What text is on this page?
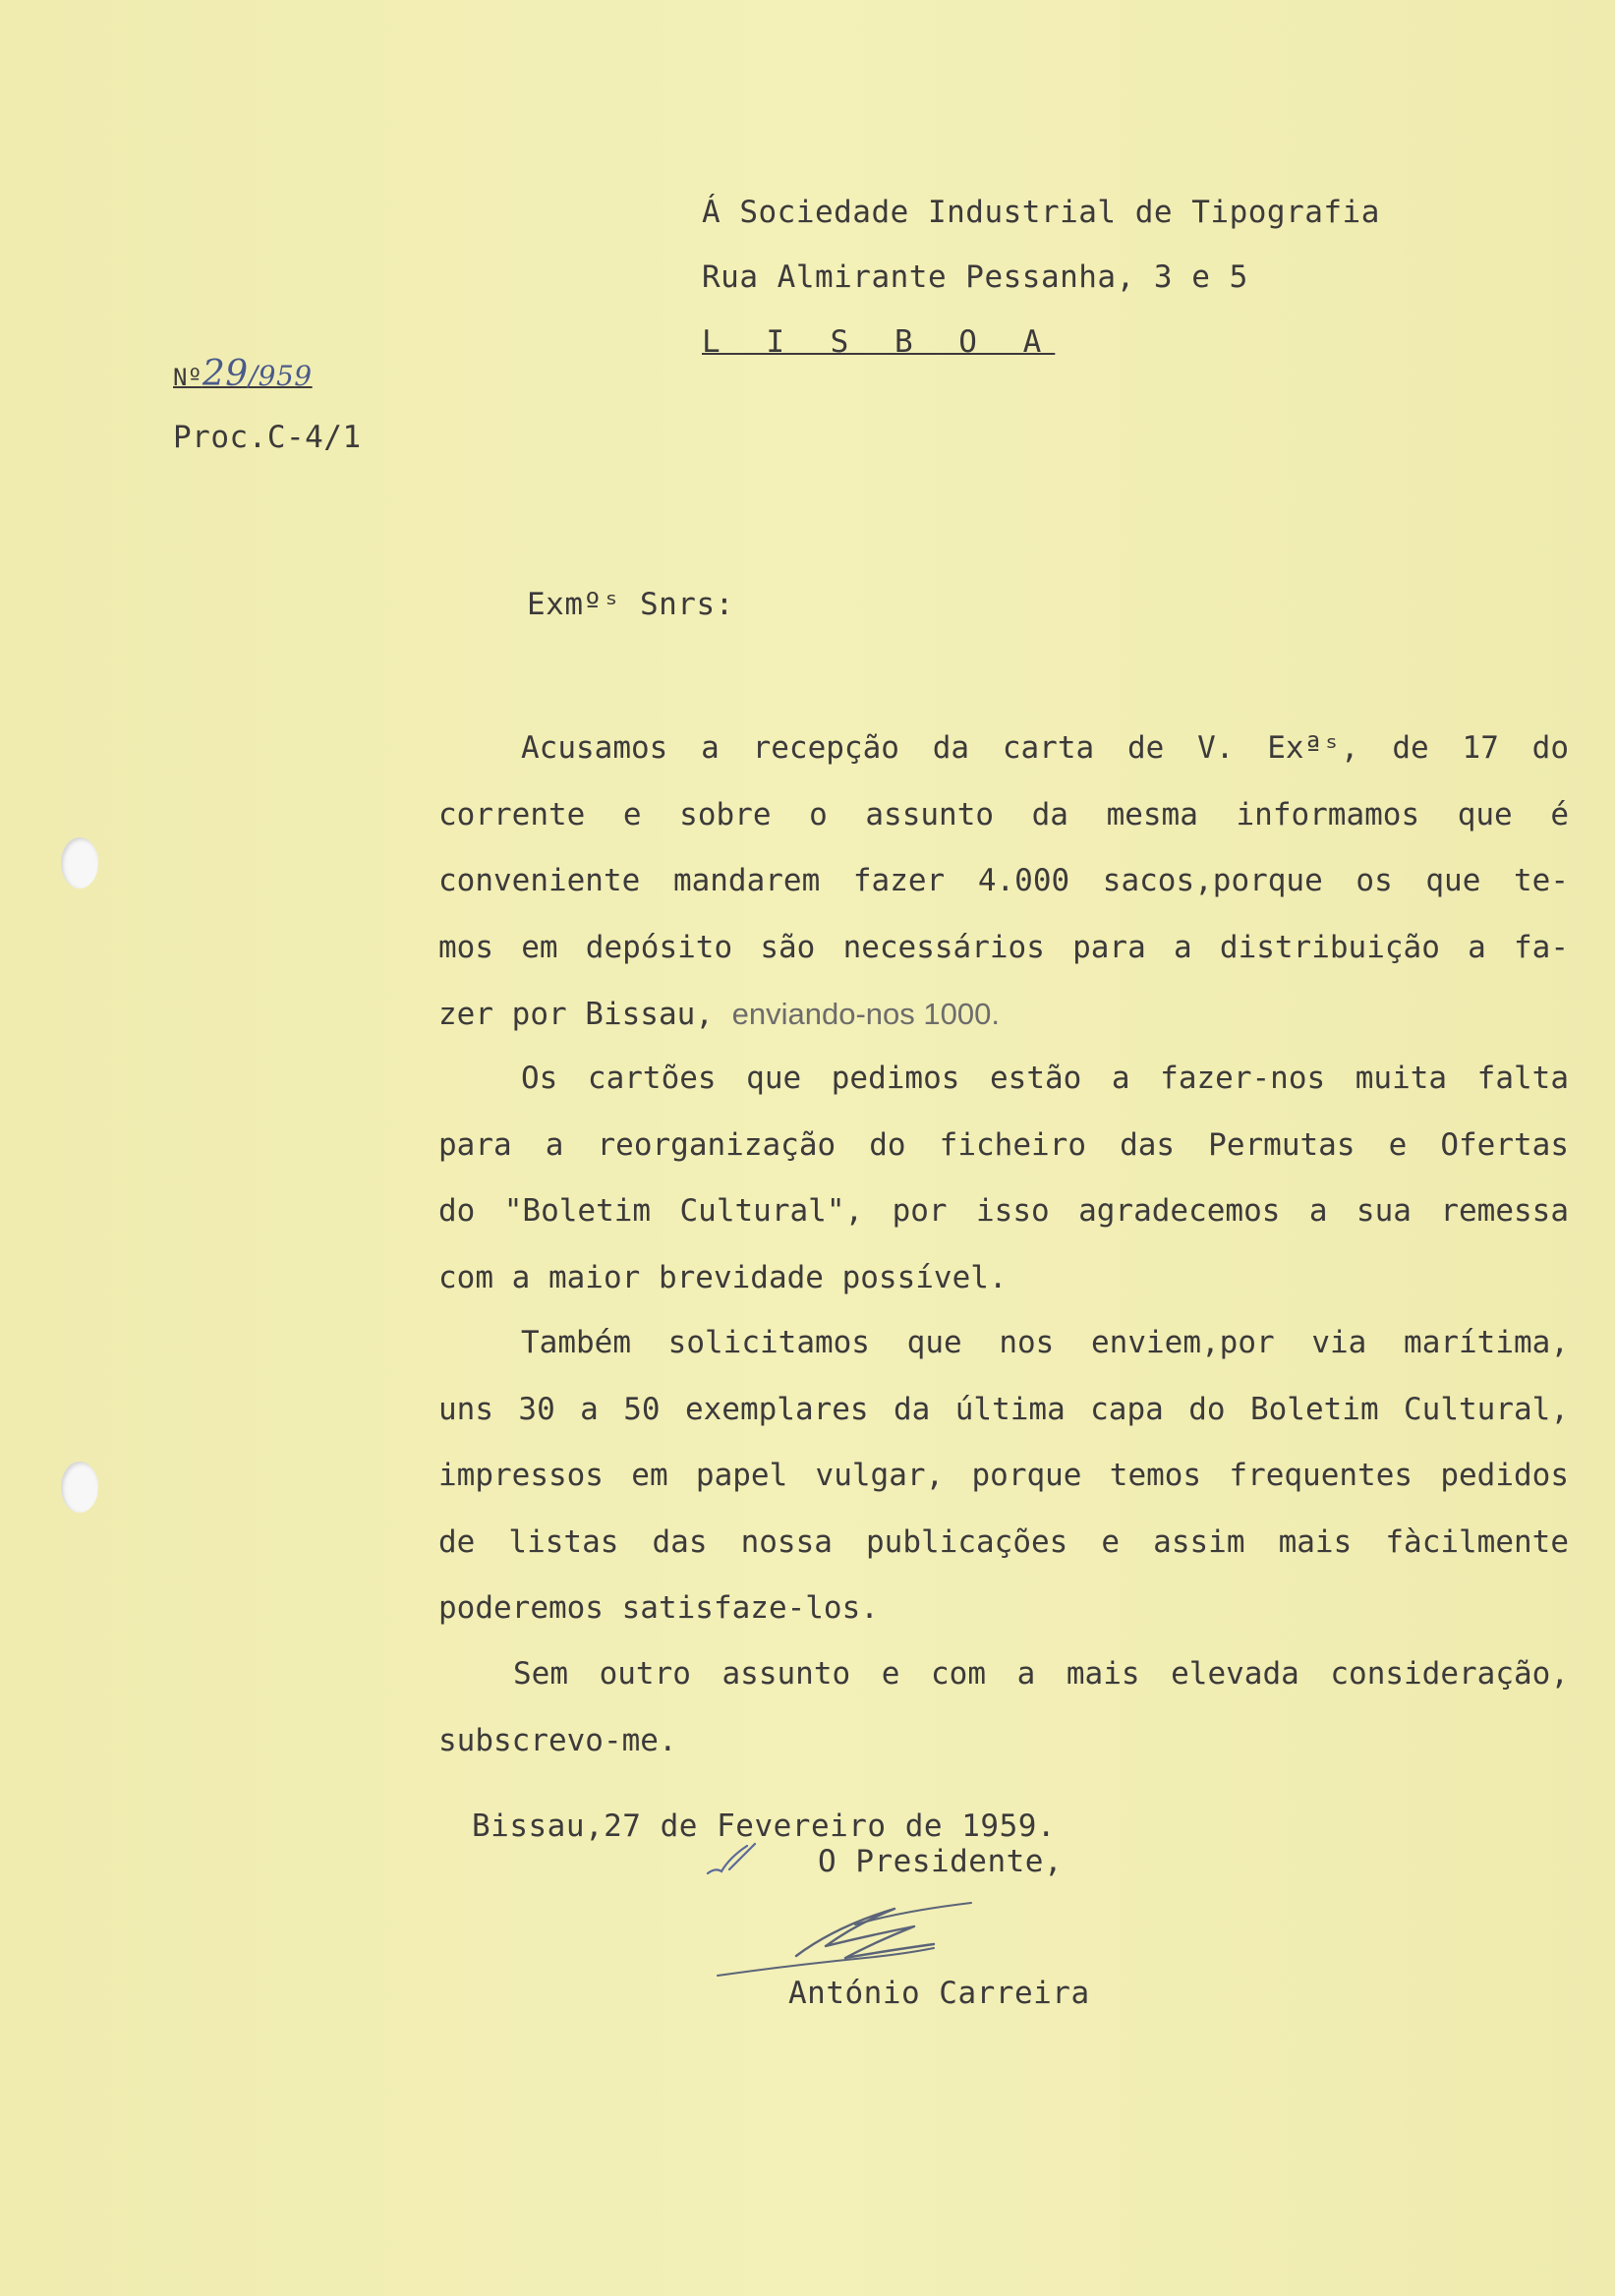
Á Sociedade Industrial de Tipografia
Rua Almirante Pessanha, 3 e 5
L I S B O A
Nº29/959
Proc.C-4/1
Exmºˢ Snrs:
Acusamos a recepção da carta de V. Exªˢ, de 17 do
corrente e sobre o assunto da mesma informamos que é
conveniente mandarem fazer 4.000 sacos,porque os que te-
mos em depósito são necessários para a distribuição a fa-
zer por Bissau, enviando-nos 1000.
Os cartões que pedimos estão a fazer-nos muita falta
para a reorganização do ficheiro das Permutas e Ofertas
do "Boletim Cultural", por isso agradecemos a sua remessa
com a maior brevidade possível.
Também solicitamos que nos enviem,por via marítima,
uns 30 a 50 exemplares da última capa do Boletim Cultural,
impressos em papel vulgar, porque temos frequentes pedidos
de listas das nossa publicações e assim mais fàcilmente
poderemos satisfaze-los.
Sem outro assunto e com a mais elevada consideração,
subscrevo-me.
Bissau,27 de Fevereiro de 1959.
O Presidente,
António Carreira
